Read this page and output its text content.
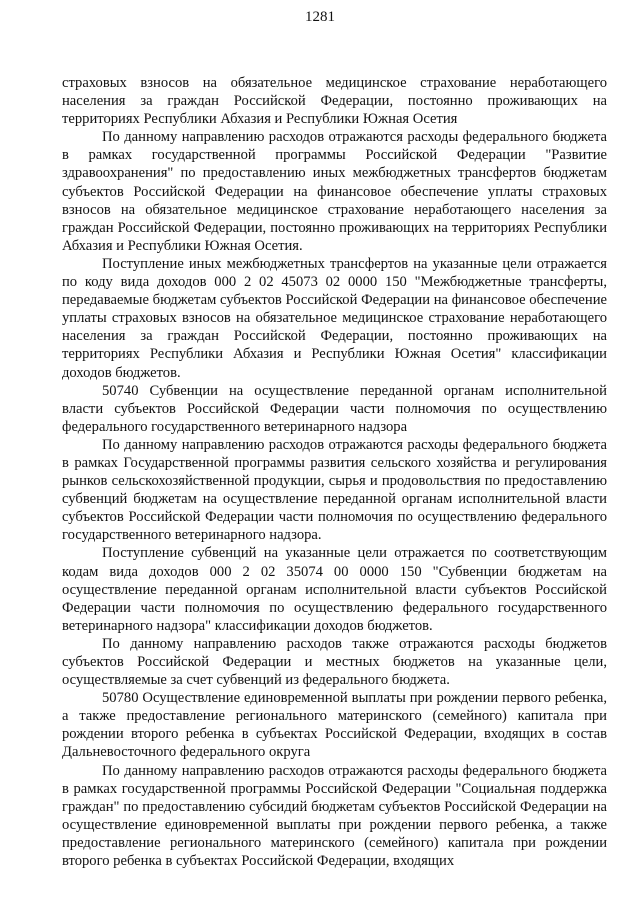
1281

страховых взносов на обязательное медицинское страхование неработающего населения за граждан Российской Федерации, постоянно проживающих на территориях Республики Абхазия и Республики Южная Осетия

По данному направлению расходов отражаются расходы федерального бюджета в рамках государственной программы Российской Федерации "Развитие здравоохранения" по предоставлению иных межбюджетных трансфертов бюджетам субъектов Российской Федерации на финансовое обеспечение уплаты страховых взносов на обязательное медицинское страхование неработающего населения за граждан Российской Федерации, постоянно проживающих на территориях Республики Абхазия и Республики Южная Осетия.

Поступление иных межбюджетных трансфертов на указанные цели отражается по коду вида доходов 000 2 02 45073 02 0000 150 "Межбюджетные трансферты, передаваемые бюджетам субъектов Российской Федерации на финансовое обеспечение уплаты страховых взносов на обязательное медицинское страхование неработающего населения за граждан Российской Федерации, постоянно проживающих на территориях Республики Абхазия и Республики Южная Осетия" классификации доходов бюджетов.

50740 Субвенции на осуществление переданной органам исполнительной власти субъектов Российской Федерации части полномочия по осуществлению федерального государственного ветеринарного надзора

По данному направлению расходов отражаются расходы федерального бюджета в рамках Государственной программы развития сельского хозяйства и регулирования рынков сельскохозяйственной продукции, сырья и продовольствия по предоставлению субвенций бюджетам на осуществление переданной органам исполнительной власти субъектов Российской Федерации части полномочия по осуществлению федерального государственного ветеринарного надзора.

Поступление субвенций на указанные цели отражается по соответствующим кодам вида доходов 000 2 02 35074 00 0000 150 "Субвенции бюджетам на осуществление переданной органам исполнительной власти субъектов Российской Федерации части полномочия по осуществлению федерального государственного ветеринарного надзора" классификации доходов бюджетов.

По данному направлению расходов также отражаются расходы бюджетов субъектов Российской Федерации и местных бюджетов на указанные цели, осуществляемые за счет субвенций из федерального бюджета.

50780 Осуществление единовременной выплаты при рождении первого ребенка, а также предоставление регионального материнского (семейного) капитала при рождении второго ребенка в субъектах Российской Федерации, входящих в состав Дальневосточного федерального округа

По данному направлению расходов отражаются расходы федерального бюджета в рамках государственной программы Российской Федерации "Социальная поддержка граждан" по предоставлению субсидий бюджетам субъектов Российской Федерации на осуществление единовременной выплаты при рождении первого ребенка, а также предоставление регионального материнского (семейного) капитала при рождении второго ребенка в субъектах Российской Федерации, входящих
